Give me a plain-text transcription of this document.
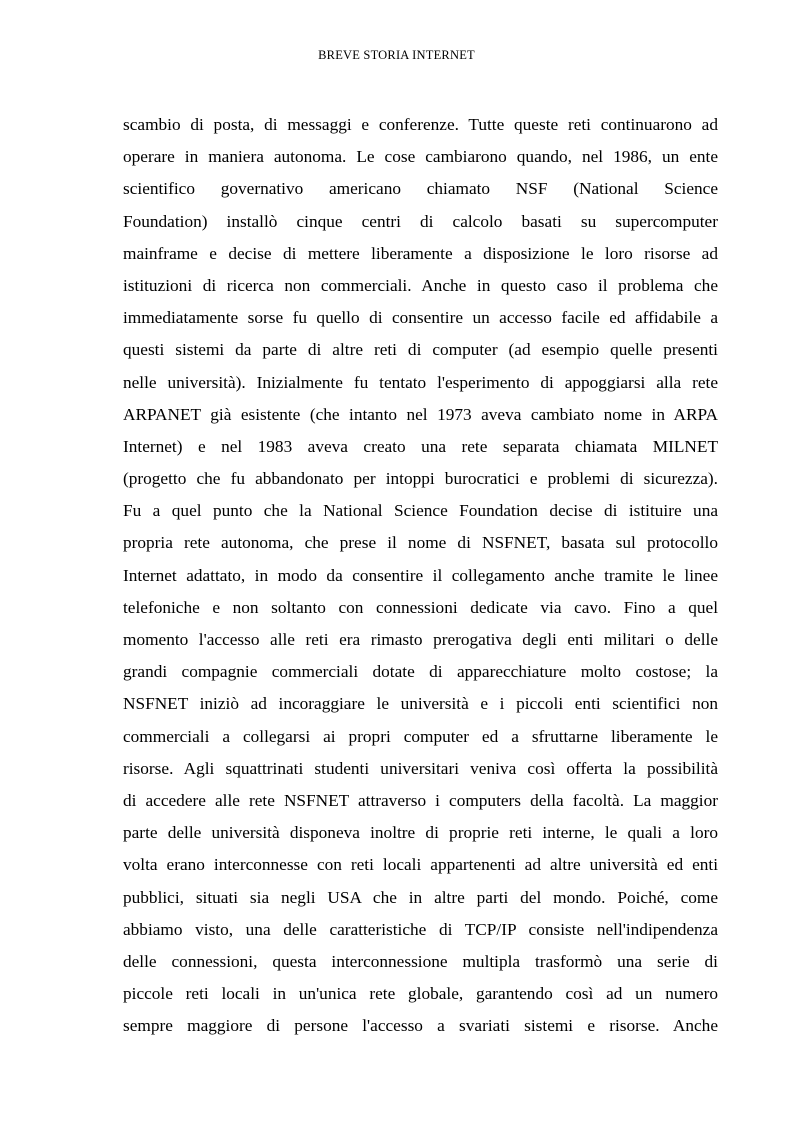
BREVE STORIA INTERNET
scambio di posta, di messaggi e conferenze. Tutte queste reti continuarono ad
operare in maniera autonoma. Le cose cambiarono quando, nel 1986, un ente
scientifico governativo americano chiamato NSF (National Science
Foundation) installò cinque centri di calcolo basati su supercomputer
mainframe e decise di mettere liberamente a disposizione le loro risorse ad
istituzioni di ricerca non commerciali. Anche in questo caso il problema che
immediatamente sorse fu quello di consentire un accesso facile ed affidabile a
questi sistemi da parte di altre reti di computer (ad esempio quelle presenti
nelle università). Inizialmente fu tentato l'esperimento di appoggiarsi alla rete
ARPANET già esistente (che intanto nel 1973 aveva cambiato nome in ARPA
Internet) e nel 1983 aveva creato una rete separata chiamata MILNET
(progetto che fu abbandonato per intoppi burocratici e problemi di sicurezza).
Fu a quel punto che la National Science Foundation decise di istituire una
propria rete autonoma, che prese il nome di NSFNET, basata sul protocollo
Internet adattato, in modo da consentire il collegamento anche tramite le linee
telefoniche e non soltanto con connessioni dedicate via cavo. Fino a quel
momento l'accesso alle reti era rimasto prerogativa degli enti militari o delle
grandi compagnie commerciali dotate di apparecchiature molto costose; la
NSFNET iniziò ad incoraggiare le università e i piccoli enti scientifici non
commerciali a collegarsi ai propri computer ed a sfruttarne liberamente le
risorse. Agli squattrinati studenti universitari veniva così offerta la possibilità
di accedere alle rete NSFNET attraverso i computers della facoltà. La maggior
parte delle università disponeva inoltre di proprie reti interne, le quali a loro
volta erano interconnesse con reti locali appartenenti ad altre università ed enti
pubblici, situati sia negli USA che in altre parti del mondo. Poiché, come
abbiamo visto, una delle caratteristiche di TCP/IP consiste nell'indipendenza
delle connessioni, questa interconnessione multipla trasformò una serie di
piccole reti locali in un'unica rete globale, garantendo così ad un numero
sempre maggiore di persone l'accesso a svariati sistemi e risorse. Anche
